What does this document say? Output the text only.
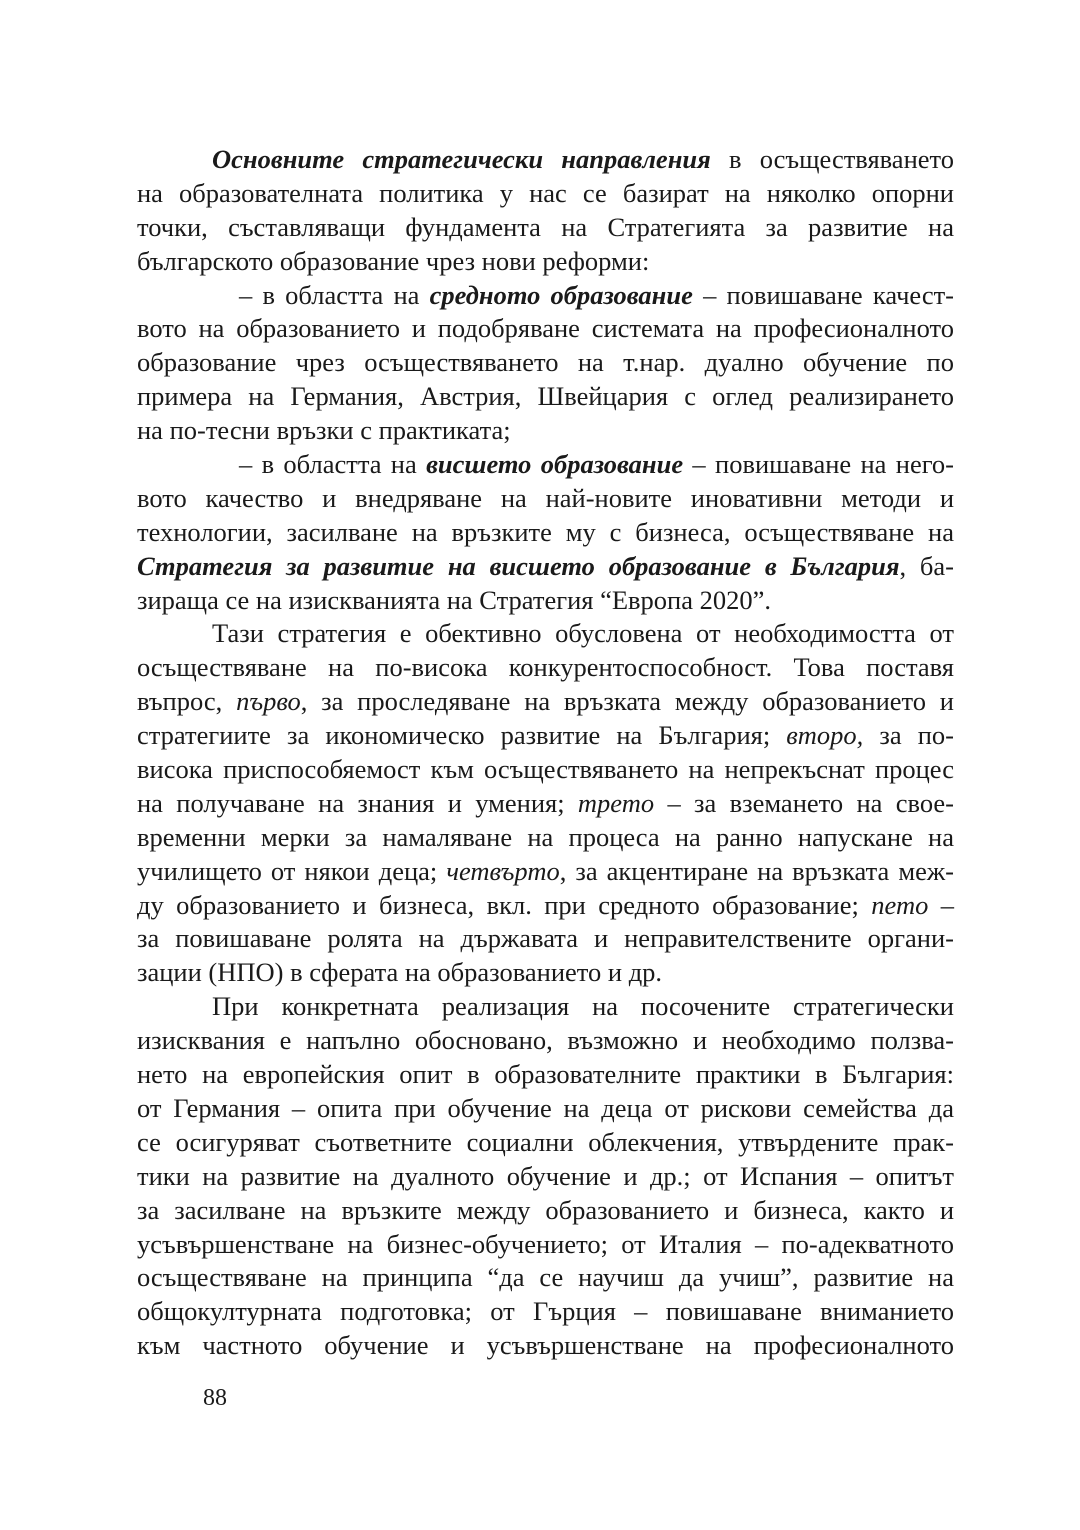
Основните стратегически направления в осъществяването
на образователната политика у нас се базират на няколко опорни
точки, съставляващи фундамента на Стратегията за развитие на
българското образование чрез нови реформи:
– в областта на средното образование – повишаване качест-
вото на образованието и подобряване системата на професионалното
образование чрез осъществяването на т.нар. дуално обучение по
примера на Германия, Австрия, Швейцария с оглед реализирането
на по-тесни връзки с практиката;
– в областта на висшето образование – повишаване на него-
вото качество и внедряване на най-новите иновативни методи и
технологии, засилване на връзките му с бизнеса, осъществяване на
Стратегия за развитие на висшето образование в България, ба-
зираща се на изискванията на Стратегия “Европа 2020”.
Тази стратегия е обективно обусловена от необходимостта от
осъществяване на по-висока конкурентоспособност. Това поставя
въпрос, първо, за проследяване на връзката между образованието и
стратегиите за икономическо развитие на България; второ, за по-
висока приспособяемост към осъществяването на непрекъснат процес
на получаване на знания и умения; трето – за вземането на свое-
временни мерки за намаляване на процеса на ранно напускане на
училището от някои деца; четвърто, за акцентиране на връзката меж-
ду образованието и бизнеса, вкл. при средното образование; пето –
за повишаване ролята на държавата и неправителствените органи-
зации (НПО) в сферата на образованието и др.
При конкретната реализация на посочените стратегически
изисквания е напълно обосновано, възможно и необходимо ползва-
нето на европейския опит в образователните практики в България:
от Германия – опита при обучение на деца от рискови семейства да
се осигуряват съответните социални облекчения, утвърдените прак-
тики на развитие на дуалното обучение и др.; от Испания – опитът
за засилване на връзките между образованието и бизнеса, както и
усъвършенстване на бизнес-обучението; от Италия – по-адекватното
осъществяване на принципа “да се научиш да учиш”, развитие на
общокултурната подготовка; от Гърция – повишаване вниманието
към частното обучение и усъвършенстване на професионалното
88
